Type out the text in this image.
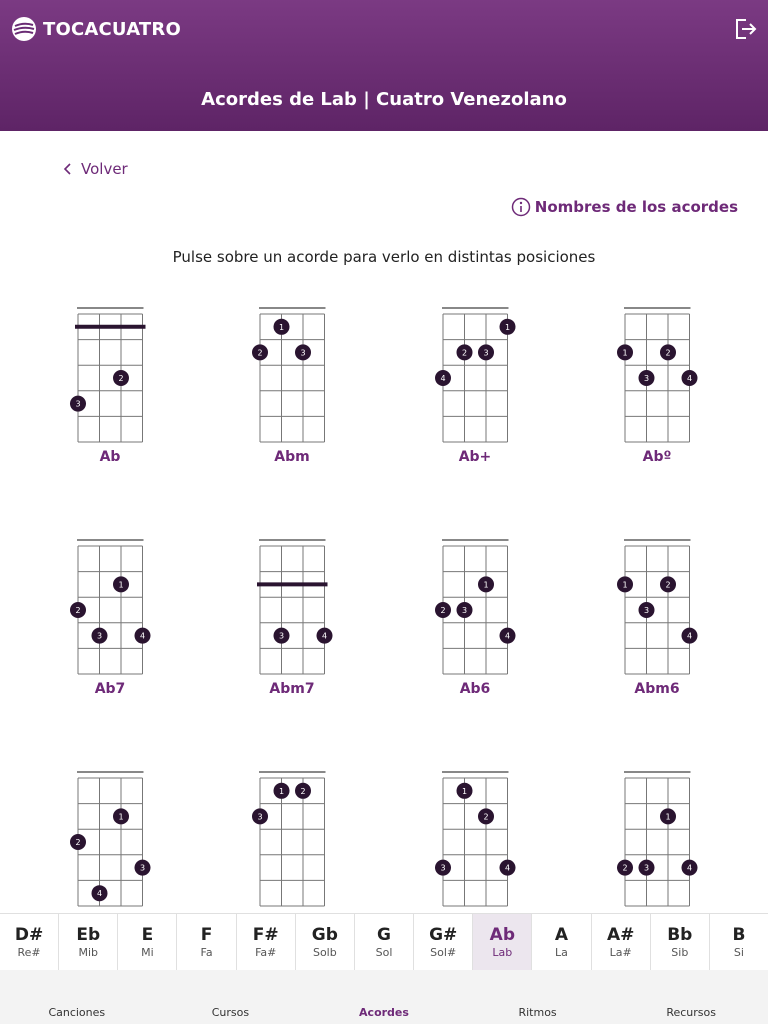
TOCACUATRO
Acordes de Lab | Cuatro Venezolano
Volver
Nombres de los acordes
Pulse sobre un acorde para verlo en distintas posiciones
2
3
Ab
1
2	3
Abm
1
2 3
4
Ab+
1	2
3	4
Abº
1
2
3	4
Ab7
3	4
Abm7
1
2 3
4
Ab6
1	2
3
4
Abm6
1
2
3
4
1 2
3
1
2
3	4
1
2 3	4
D#
Re#
Eb
Mib
E
Mi
F
Fa
F#
Fa#
Gb
Solb
G
Sol
G#
Sol#
Ab
Lab
A
La
A#
La#
Bb
Sib
B
Si
Canciones	Cursos	Acordes	Ritmos	Recursos
